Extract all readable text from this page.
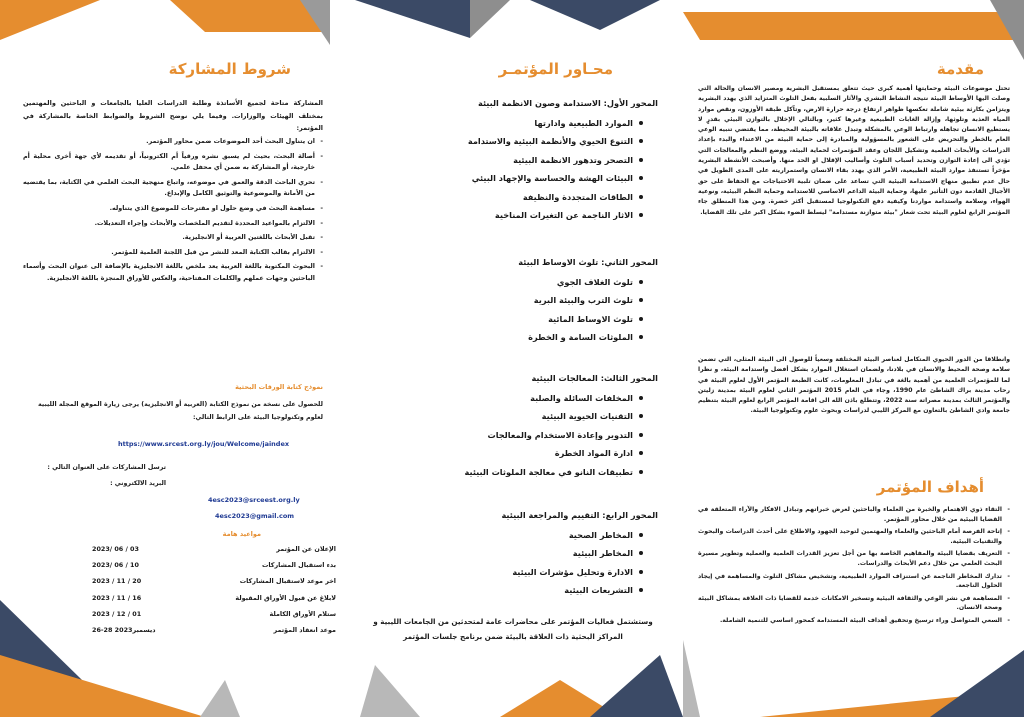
مقدمة

تحتل موضوعات البيئة وحمايتها أهمية كبرى حيث تتعلق بمستقبل البشرية ومصير الانسان والحالة التي وصلت اليها الأوساط البيئة نتيجة النشاط البشري والآثار السلبية بفعل التلوث المتزايد الذي يهدد البشرية ويتزامن بكارثة بيئية شاملة تعكسها ظواهر ارتفاع درجة حرارة الارض، وتآكل طبقة الأوزون، ونقص موارد المياه العذبة وتلوثها، وإزالة الغابات الطبيعية وغيرها كثير، وبالتالي الإخلال بالتوازن البيئي بقدرٍ لا يستطيع الانسان تجاهله وارتباط الوعي بالمشكلة وتبدل علاقاته بالبيئة المحيطة، مما يقتضي تنبيه الوعي العام بالخطر والتحريض على الشعور بالمسؤولية والمبادرة إلى حماية البيئة من الاعتداء والبدء بإعداد الدراسات والأبحاث العلمية وتشكيل اللجان وعقد المؤتمرات لحماية البيئة، ووضع النظم والمعالجات التي تؤدي الى إعادة التوازن وتحديد أسباب التلوث وأساليب الإقلال او الحد منها. وأصبحت الأنشطة البشرية مؤخراً تستنفذ موارد البيئة الطبيعية، الأمر الذي يهدد بقاء الانسان واستمراريته على المدى الطويل في حال عدم تطبيق منهاج الاستدامة البيئية التي تساعد على ضمان تلبية الاحتياجات مع الحفاظ على حق الأجيال القادمة دون التأثير عليها، وحماية البيئة الداعم الاساسي للاستدامة وحماية النظم البيئية، ونوعية الهواء، وسلامة واستدامة مواردنا وكيفية دفع التكنولوجيا لمستقبل أكثر خضرة. ومن هذا المنطلق جاء المؤتمر الرابع لعلوم البيئة تحت شعار "بيئة متوازنة مستدامة" ليسلط الضوء بشكل اكبر على تلك القضايا.

وانطلاقا من الدور الحيوي المتكامل لعناصر البيئة المختلفة وسعياً للوصول الى البيئة المثلى، التي تضمن سلامة وصحة المحيط والانسان في بلادنا، ولضمان استغلال الموارد بشكل أفضل واستدامة البيئة، و نظرا لما للمؤتمرات العلمية من أهمية بالغة في تبادل المعلومات، كانت الطبعة المؤتمر الأول لعلوم البيئة في رحاب مدينة براك الشاطئ عام 1990، وجاء في العام 2015 المؤتمر الثاني لعلوم البيئة بمدينة زليتن والمؤتمر الثالث بمدينة مصراتة سنة 2022، وتتطلع باذن الله الى اقامة المؤتمر الرابع لعلوم البيئة بتنظيم جامعة وادي الشاطئ بالتعاون مع المركز الليبي لدراسات وبحوث علوم وتكنولوجيا البيئة.

أهداف المؤتمر
- التقاء ذوي الاهتمام والخبرة من العلماء والباحثين لعرض خبراتهم وتبادل الافكار والآراء المتعلقة في القضايا البيئية من خلال محاور المؤتمر.
- إتاحة الفرصة أمام الباحثين والعلماء والمهتمين لتوحيد الجهود والاطلاع على أحدث الدراسات والبحوث والتقنيات البيئية.
- التعريف بقضايا البيئة والمفاهيم الخاصة بها من أجل تعزيز القدرات العلمية والعملية وتطوير مسيرة البحث العلمي من خلال دعم الأبحاث والدراسات.
- تدارك المخاطر الناجمة عن استنزاف الموارد الطبيعية، وتشخيص مشاكل التلوث والمساهمة في إيجاد الحلول الناجعة.
- المساهمة في نشر الوعي والثقافة البيئية وتسخير الامكانات خدمة للقضايا ذات العلاقة بمشاكل البيئة وصحة الانسان.
- السعي المتواصل وراء ترسيخ وتحقيق أهداف البيئة المستدامة كمحور اساسي للتنمية الشاملة.
محـاور المؤتمـر
المحور الأول: الاستدامة وصون الانظمة البيئة
الموارد الطبيعية وادارتها
التنوع الحيوي والأنظمة البيئية والاستدامة
التصحر وتدهور الانظمة البيئية
البيئات الهشة والحساسة والإجهاد البيئي
الطاقات المتجددة والنظيفة
الاثار الناجمة عن التغيرات المناخية
المحور الثاني: تلوث الاوساط البيئة
تلوث الغلاف الجوي
تلوث الترب والبيئة البرية
تلوث الاوساط المائية
الملوثات السامة و الخطرة
المحور الثالث: المعالجات البيئية
المخلفات السائلة والصلبة
التقنيات الحيوية البيئية
التدوير وإعادة الاستخدام والمعالجات
ادارة المواد الخطرة
تطبيقات النانو في معالجة الملوثات البيئية
المحور الرابع: التقييم والمراجعة البيئية
المخاطر الصحية
المخاطر البيئية
الادارة وتحليل مؤشرات البيئية
التشريعات البيئية
وستشتمل فعاليات المؤتمر على محاضرات عامة لمتحدثين من الجامعات الليبية و المراكز البحثية ذات العلاقة بالبيئة ضمن برنامج جلسات المؤتمر
شروط المشاركة

المشاركة متاحة لجميع الأساتذة وطلبة الدراسات العليا بالجامعات و الباحثين والمهتمين بمختلف الهيئات والوزارات. وفيما يلي نوضح الشروط والضوابط الخاصة بالمشاركة في المؤتمر:

- ان يتناول البحث أحد الموضوعات ضمن محاور المؤتمر.
- أصالة البحث، بحيث لم يسبق نشره ورقياً أم الكترونياً، أو تقديمه لأي جهة أخرى محلية أم خارجية، أو المشاركة به ضمن أي محفل علمي.
- تحري الباحث الدقة والعمق في موضوعه، واتباع منهجية البحث العلمي في الكتابة، بما يقتضيه من الأمانة والموضوعية والتوثيق الكامل والإبداع.
- مساهمة البحث في وضع حلول او مقترحات للموضوع الذي يتناوله.
- الالتزام بالمواعيد المحددة لتقديم الملخصات والأبحاث وإجراء التعديلات.
- تقبل الأبحاث باللغتين العربية أو الانجليزية.
- الالتزام بقالب الكتابة المعد للنشر من قبل اللجنة العلمية للمؤتمر.
- البحوث المكتوبة باللغة العربية يعد ملخص باللغة الانجليزية بالإضافة الى عنوان البحث وأسماء الباحثين وجهات عملهم والكلمات المفتاحية، والعكس للأوراق المنجزة باللغة الانجليزية.
نموذج كتابة الورقات البحثية
للحصول على نسخة من نموذج الكتابة (العربية أو الانجليزية) يرجى زيارة الموقع المجلة الليبية لعلوم وتكنولوجيا البيئة على الرابط التالي:
https://www.srcest.org.ly/jou/Welcome/jaindex
ترسل المشاركات على العنوان التالي :
البريد الالكتروني :
4esc2023@srceest.org.ly
4esc2023@gmail.com
مواعيد هامة
الإعلان عن المؤتمر	2023/ 06 / 03
بدء استقبال المشاركات	2023/ 06 / 10
اخر موعد لاستقبال المشاركات	2023 / 11 / 20
لابلاغ عن قبول الأوراق المقبولة	2023 / 11 / 16
ستلام الأوراق الكاملة	2023 / 12 / 01
موعد انعقاد المؤتمر	26-28 ديسمبر2023
